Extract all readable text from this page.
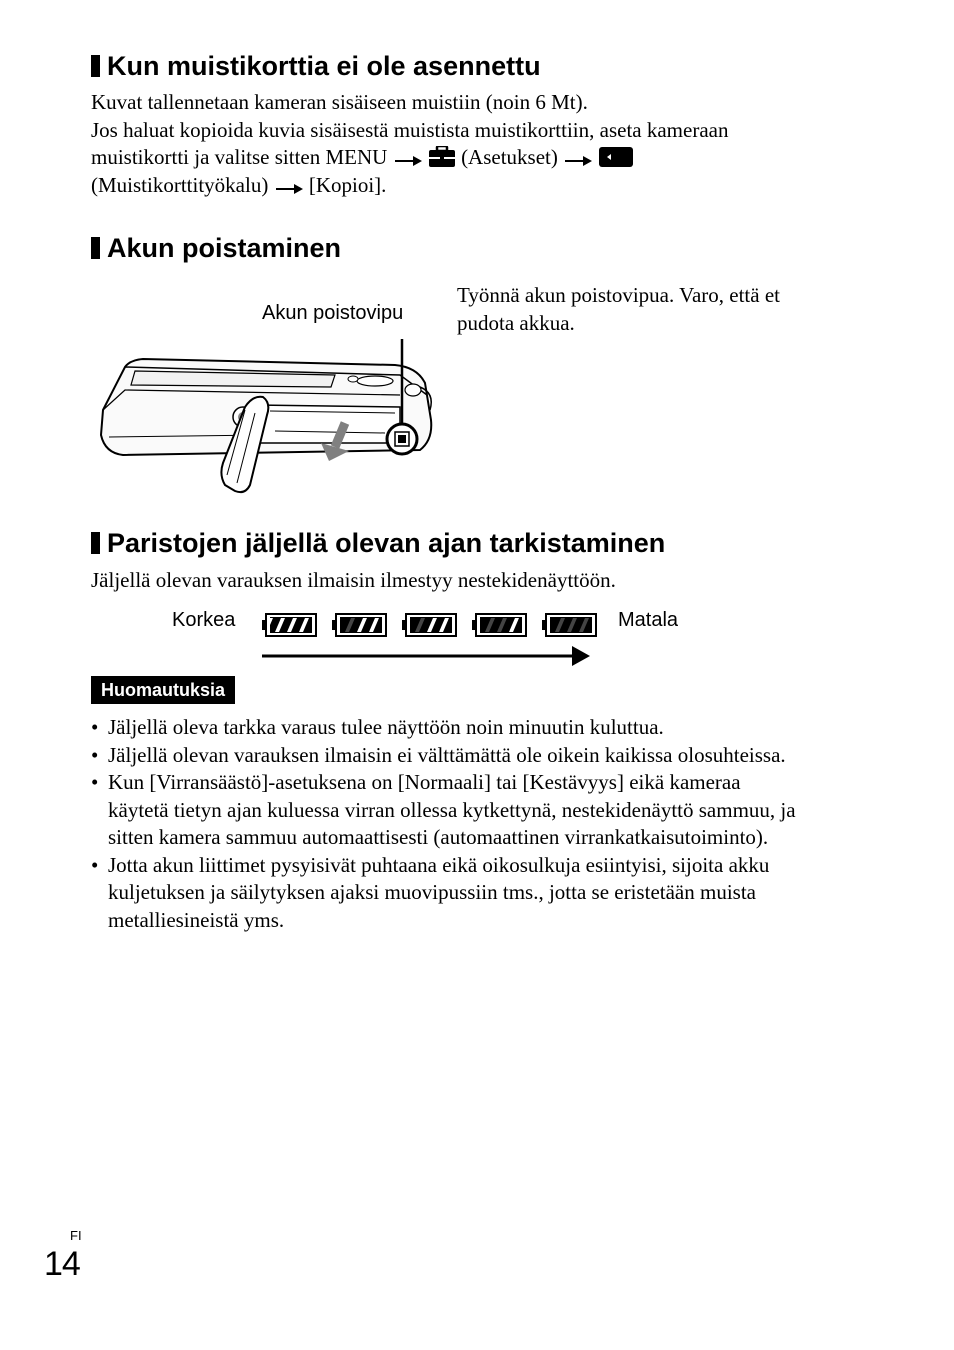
Kun muistikorttia ei ole asennettu
Kuvat tallennetaan kameran sisäiseen muistiin (noin 6 Mt).
Jos haluat kopioida kuvia sisäisestä muistista muistikorttiin, aseta kameraan
muistikortti ja valitse sitten MENU	(Asetukset)
(Muistikorttityökalu) [Kopioi].
Akun poistaminen
Akun poistovipu
Työnnä akun poistovipua. Varo, että et
pudota akkua.
Paristojen jäljellä olevan ajan tarkistaminen
Jäljellä olevan varauksen ilmaisin ilmestyy nestekidenäyttöön.
Korkea	Matala
Huomautuksia
• Jäljellä oleva tarkka varaus tulee näyttöön noin minuutin kuluttua.
• Jäljellä olevan varauksen ilmaisin ei välttämättä ole oikein kaikissa olosuhteissa.
• Kun [Virransäästö]-asetuksena on [Normaali] tai [Kestävyys] eikä kameraa
käytetä tietyn ajan kuluessa virran ollessa kytkettynä, nestekidenäyttö sammuu, ja
sitten kamera sammuu automaattisesti (automaattinen virrankatkaisutoiminto).
• Jotta akun liittimet pysyisivät puhtaana eikä oikosulkuja esiintyisi, sijoita akku
kuljetuksen ja säilytyksen ajaksi muovipussiin tms., jotta se eristetään muista
metalliesineistä yms.
FI
14
